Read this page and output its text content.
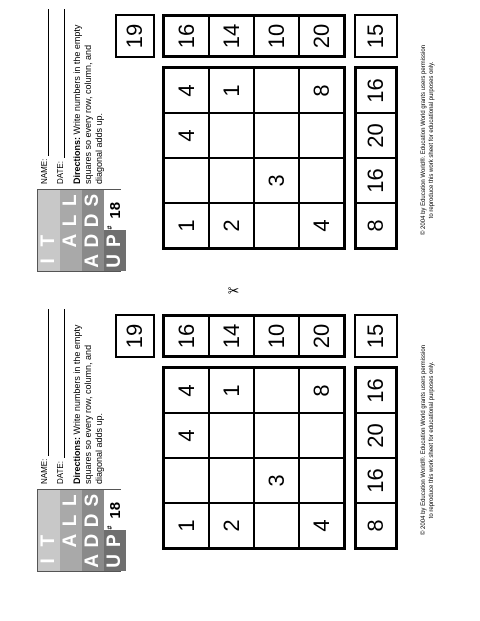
I
T A
L
L
A
D
D
S
U
P
#
18
NAME: DATE: Directions: Write numbers in the empty squares so every row, column, and diagonal adds up.
19
1
4
4
2
1
3
4
8
16 14 10 20
8
16
20
16
15
© 2004 by Education World®. Education World grants users permission to reproduce this work sheet for educational purposes only.
✂
I
T A
L
L
A
D
D
S
U
P
#
18
NAME: DATE: Directions: Write numbers in the empty squares so every row, column, and diagonal adds up.
19
1
4
4
2
1
3
4
8
16 14 10 20
8
16
20
16
15
© 2004 by Education World®. Education World grants users permission to reproduce this work sheet for educational purposes only.
